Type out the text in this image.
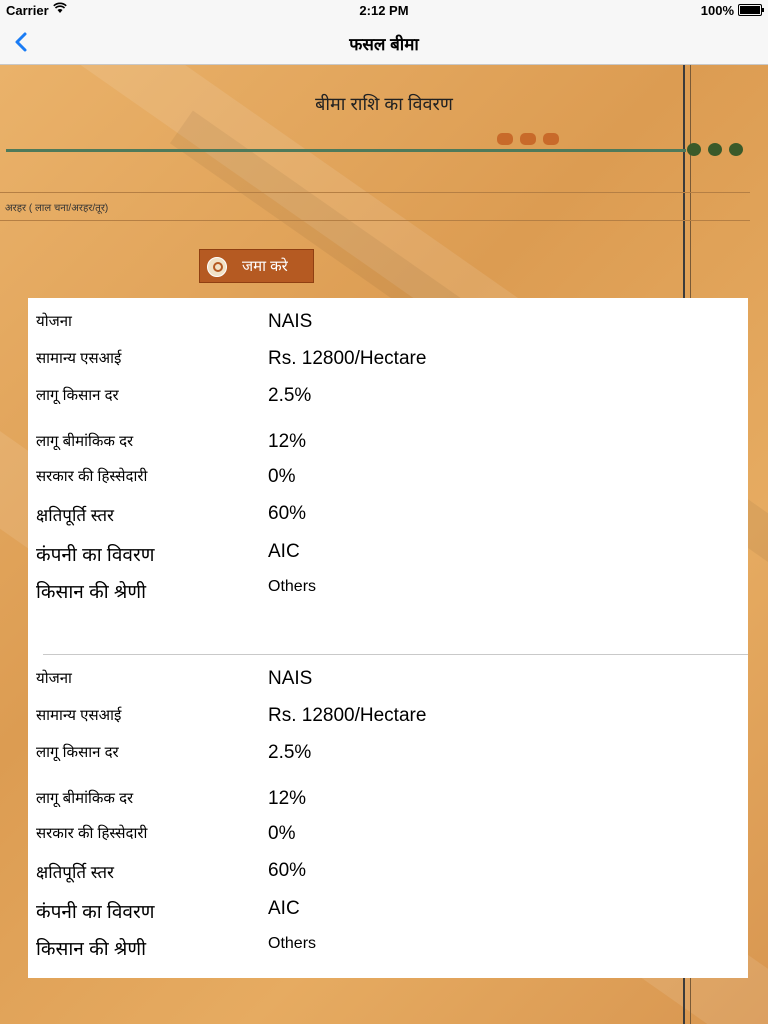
Carrier	2:12 PM	100%
फसल बीमा
बीमा राशि का विवरण
अरहर ( लाल चना/अरहर/तूर)
जमा करे
योजना	NAIS
सामान्य एसआई	Rs. 12800/Hectare
लागू किसान दर	2.5%
लागू बीमांकिक दर	12%
सरकार की हिस्सेदारी	0%
क्षतिपूर्ति स्तर	60%
कंपनी का विवरण	AIC
किसान की श्रेणी	Others
योजना	NAIS
सामान्य एसआई	Rs. 12800/Hectare
लागू किसान दर	2.5%
लागू बीमांकिक दर	12%
सरकार की हिस्सेदारी	0%
क्षतिपूर्ति स्तर	60%
कंपनी का विवरण	AIC
किसान की श्रेणी	Others
